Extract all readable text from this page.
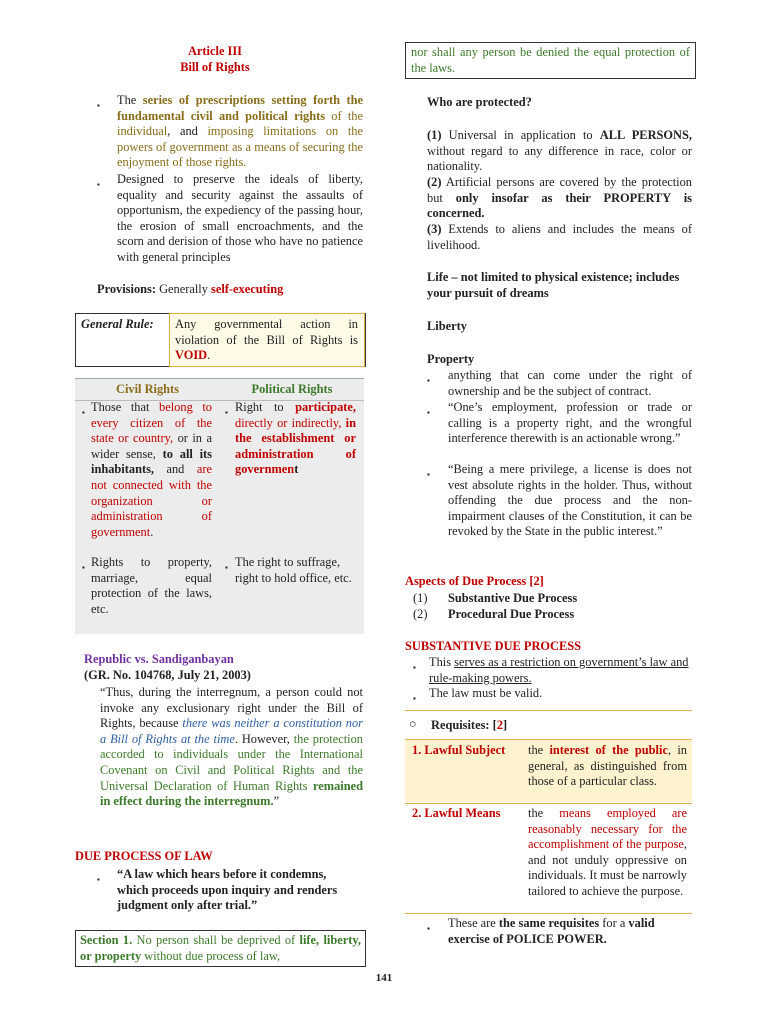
Article III
Bill of Rights
▪ The series of prescriptions setting forth the fundamental civil and political rights of the individual, and imposing limitations on the powers of government as a means of securing the enjoyment of those rights.
▪ Designed to preserve the ideals of liberty, equality and security against the assaults of opportunism, the expediency of the passing hour, the erosion of small encroachments, and the scorn and derision of those who have no patience with general principles
Provisions: Generally self-executing
General Rule: Any governmental action in violation of the Bill of Rights is VOID.
Civil Rights	Political Rights
▪ Those that belong to every citizen of the state or country, or in a wider sense, to all its inhabitants, and are not connected with the organization or administration of government.
▪ Right to participate, directly or indirectly, in the establishment or administration of government
▪ Rights to property, marriage, equal protection of the laws, etc.
▪ The right to suffrage, right to hold office, etc.
Republic vs. Sandiganbayan
(GR. No. 104768, July 21, 2003)
“Thus, during the interregnum, a person could not invoke any exclusionary right under the Bill of Rights, because there was neither a constitution nor a Bill of Rights at the time. However, the protection accorded to individuals under the International Covenant on Civil and Political Rights and the Universal Declaration of Human Rights remained in effect during the interregnum.”
DUE PROCESS OF LAW
▪ “A law which hears before it condemns, which proceeds upon inquiry and renders judgment only after trial.”
Section 1. No person shall be deprived of life, liberty, or property without due process of law,
nor shall any person be denied the equal protection of the laws.
Who are protected?
(1) Universal in application to ALL PERSONS, without regard to any difference in race, color or nationality.
(2) Artificial persons are covered by the protection but only insofar as their PROPERTY is concerned.
(3) Extends to aliens and includes the means of livelihood.
Life – not limited to physical existence; includes your pursuit of dreams
Liberty
Property
▪ anything that can come under the right of ownership and be the subject of contract.
▪ “One’s employment, profession or trade or calling is a property right, and the wrongful interference therewith is an actionable wrong.”
▪ “Being a mere privilege, a license is does not vest absolute rights in the holder. Thus, without offending the due process and the non-impairment clauses of the Constitution, it can be revoked by the State in the public interest.”
Aspects of Due Process [2]
(1) Substantive Due Process
(2) Procedural Due Process
SUBSTANTIVE DUE PROCESS
▪ This serves as a restriction on government’s law and rule-making powers.
▪ The law must be valid.
○ Requisites: [2]
1. Lawful Subject the interest of the public, in general, as distinguished from those of a particular class.
2. Lawful Means the means employed are reasonably necessary for the accomplishment of the purpose, and not unduly oppressive on individuals. It must be narrowly tailored to achieve the purpose.
▪ These are the same requisites for a valid exercise of POLICE POWER.
141
